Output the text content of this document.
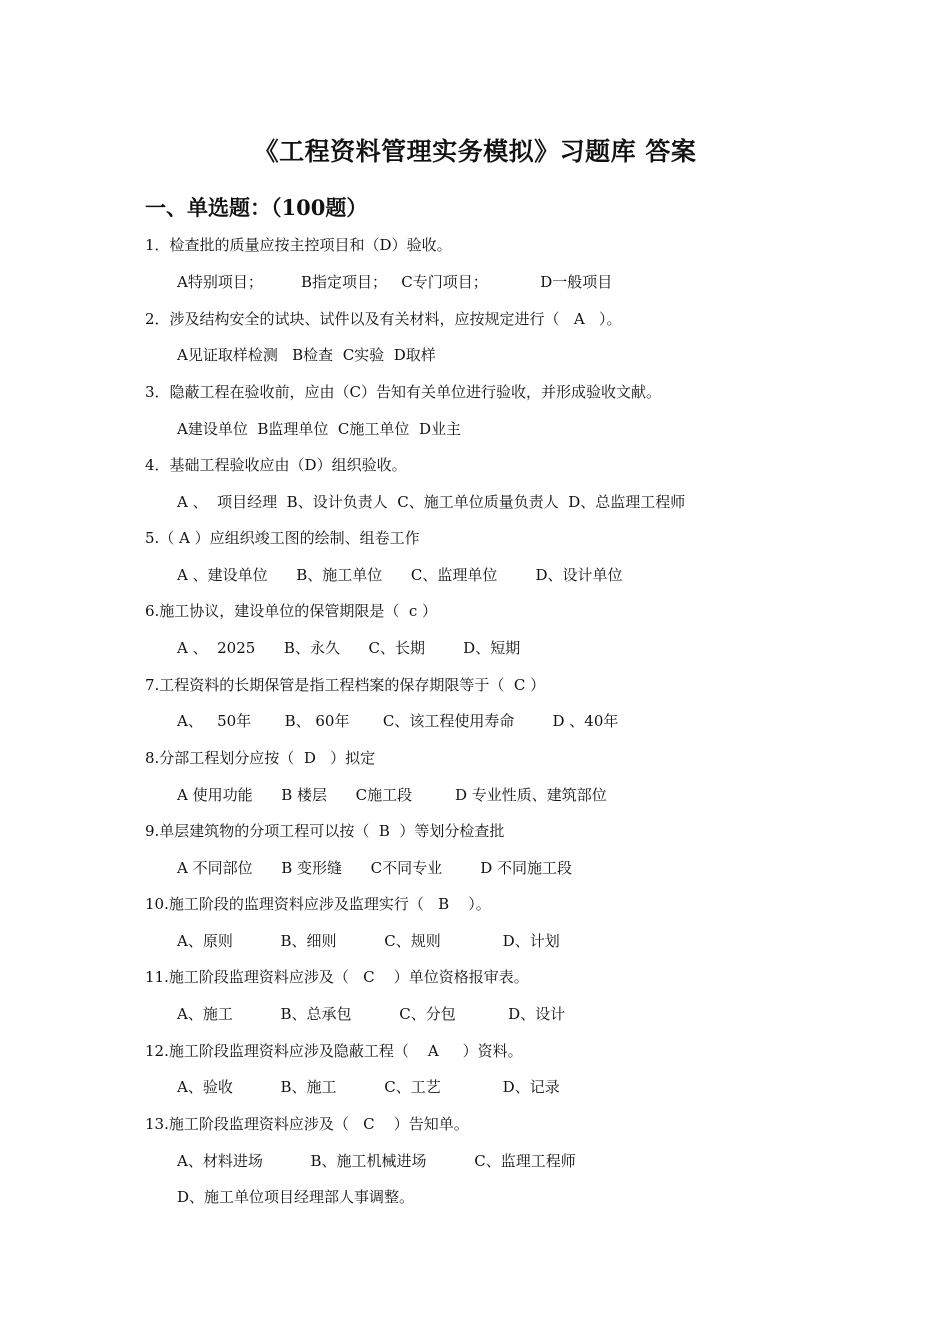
《工程资料管理实务模拟》习题库 答案
一、单选题：（100题）
1．检查批的质量应按主控项目和（D）验收。
A特别项目；        B指定项目；   C专门项目；           D一般项目
2．涉及结构安全的试块、试件以及有关材料，应按规定进行（   A   ）。
A见证取样检测   B检查  C实验  D取样
3．隐蔽工程在验收前，应由（C）告知有关单位进行验收，并形成验收文献。
A建设单位  B监理单位  C施工单位  D业主
4．基础工程验收应由（D）组织验收。
A 、  项目经理  B、设计负责人  C、施工单位质量负责人  D、总监理工程师
5.（ A ）应组织竣工图的绘制、组卷工作
A 、建设单位      B、施工单位      C、监理单位        D、设计单位
6.施工协议，建设单位的保管期限是（  c ）
A 、  2025      B、永久      C、长期        D、短期
7.工程资料的长期保管是指工程档案的保存期限等于（  C ）
A、   50年       B、 60年       C、该工程使用寿命        D 、40年
8.分部工程划分应按（  D   ）拟定
A 使用功能      B 楼层      C施工段         D 专业性质、建筑部位
9.单层建筑物的分项工程可以按（  B  ）等划分检查批
A 不同部位      B 变形缝      C不同专业        D 不同施工段
10.施工阶段的监理资料应涉及监理实行（   B    ）。
A、原则          B、细则          C、规则             D、计划
11.施工阶段监理资料应涉及（   C    ）单位资格报审表。
A、施工          B、总承包          C、分包           D、设计
12.施工阶段监理资料应涉及隐蔽工程（    A     ）资料。
A、验收          B、施工          C、工艺             D、记录
13.施工阶段监理资料应涉及（   C    ）告知单。
A、材料进场          B、施工机械进场          C、监理工程师
D、施工单位项目经理部人事调整。
